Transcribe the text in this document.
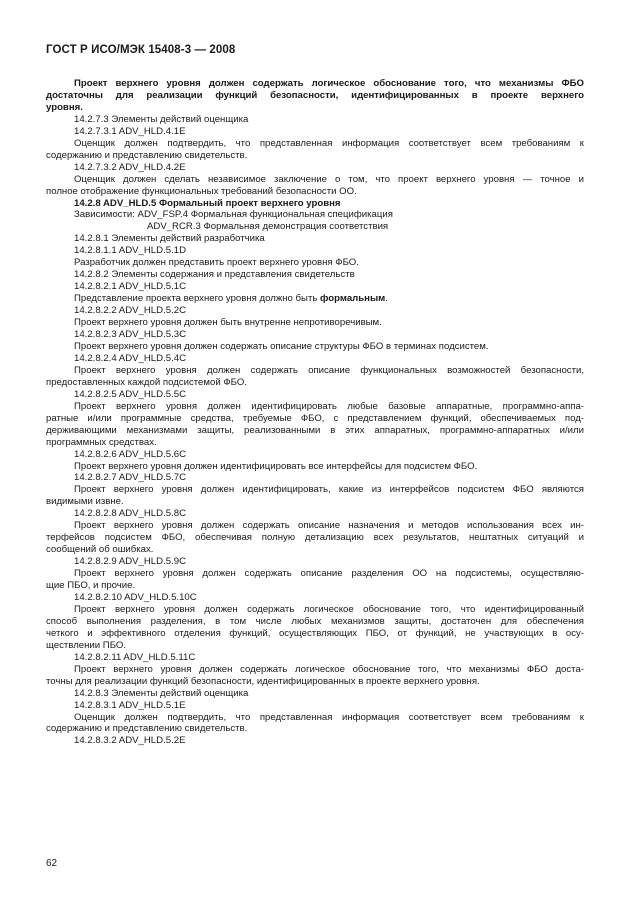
ГОСТ Р ИСО/МЭК 15408-3 — 2008
Проект верхнего уровня должен содержать логическое обоснование того, что механизмы ФБО
достаточны для реализации функций безопасности, идентифицированных в проекте верхнего
уровня.
14.2.7.3 Элементы действий оценщика
14.2.7.3.1 ADV_HLD.4.1E
Оценщик должен подтвердить, что представленная информация соответствует всем требованиям к
содержанию и представлению свидетельств.
14.2.7.3.2 ADV_HLD.4.2E
Оценщик должен сделать независимое заключение о том, что проект верхнего уровня — точное и
полное отображение функциональных требований безопасности ОО.
14.2.8 ADV_HLD.5 Формальный проект верхнего уровня
Зависимости: ADV_FSP.4 Формальная функциональная спецификация
ADV_RCR.3 Формальная демонстрация соответствия
14.2.8.1 Элементы действий разработчика
14.2.8.1.1 ADV_HLD.5.1D
Разработчик должен представить проект верхнего уровня ФБО.
14.2.8.2 Элементы содержания и представления свидетельств
14.2.8.2.1 ADV_HLD.5.1C
Представление проекта верхнего уровня должно быть формальным.
14.2.8.2.2 ADV_HLD.5.2C
Проект верхнего уровня должен быть внутренне непротиворечивым.
14.2.8.2.3 ADV_HLD.5.3C
Проект верхнего уровня должен содержать описание структуры ФБО в терминах подсистем.
14.2.8.2.4 ADV_HLD.5.4C
Проект верхнего уровня должен содержать описание функциональных возможностей безопасности,
предоставленных каждой подсистемой ФБО.
14.2.8.2.5 ADV_HLD.5.5C
Проект верхнего уровня должен идентифицировать любые базовые аппаратные, программно-аппа-
ратные и/или программные средства, требуемые ФБО, с представлением функций, обеспечиваемых под-
держивающими механизмами защиты, реализованными в этих аппаратных, программно-аппаратных и/или
программных средствах.
14.2.8.2.6 ADV_HLD.5.6C
Проект верхнего уровня должен идентифицировать все интерфейсы для подсистем ФБО.
14.2.8.2.7 ADV_HLD.5.7C
Проект верхнего уровня должен идентифицировать, какие из интерфейсов подсистем ФБО являются
видимыми извне.
14.2.8.2.8 ADV_HLD.5.8C
Проект верхнего уровня должен содержать описание назначения и методов использования всех ин-
терфейсов подсистем ФБО, обеспечивая полную детализацию всех результатов, нештатных ситуаций и
сообщений об ошибках.
14.2.8.2.9 ADV_HLD.5.9C
Проект верхнего уровня должен содержать описание разделения ОО на подсистемы, осуществляю-
щие ПБО, и прочие.
14.2.8.2.10 ADV_HLD.5.10C
Проект верхнего уровня должен содержать логическое обоснование того, что идентифицированный
способ выполнения разделения, в том числе любых механизмов защиты, достаточен для обеспечения
четкого и эффективного отделения функций, осуществляющих ПБО, от функций, не участвующих в осу-
ществлении ПБО.
14.2.8.2.11 ADV_HLD.5.11C
Проект верхнего уровня должен содержать логическое обоснование того, что механизмы ФБО доста-
точны для реализации функций безопасности, идентифицированных в проекте верхнего уровня.
14.2.8.3 Элементы действий оценщика
14.2.8.3.1 ADV_HLD.5.1E
Оценщик должен подтвердить, что представленная информация соответствует всем требованиям к
содержанию и представлению свидетельств.
14.2.8.3.2 ADV_HLD.5.2E
62
